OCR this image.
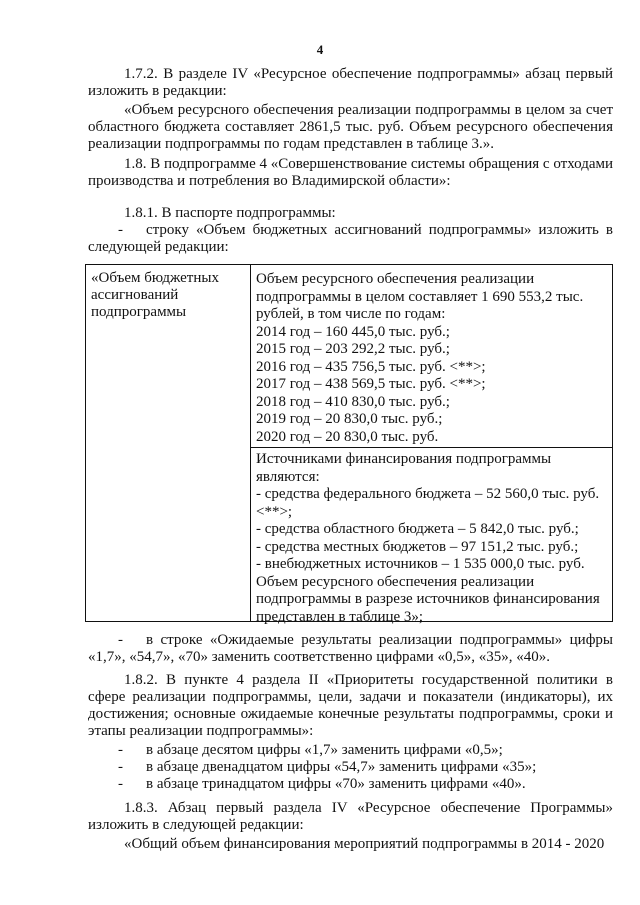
4

1.7.2. В разделе IV «Ресурсное обеспечение подпрограммы» абзац первый изложить в редакции:

«Объем ресурсного обеспечения реализации подпрограммы в целом за счет областного бюджета составляет 2861,5 тыс. руб. Объем ресурсного обеспечения реализации подпрограммы по годам представлен в таблице 3.».

1.8. В подпрограмме 4 «Совершенствование системы обращения с отходами производства и потребления во Владимирской области»:

1.8.1. В паспорте подпрограммы:

- строку «Объем бюджетных ассигнований подпрограммы» изложить в
следующей редакции:
«Объем бюджетных
ассигнований
подпрограммы
Объем ресурсного обеспечения реализации
подпрограммы в целом составляет 1 690 553,2 тыс.
рублей, в том числе по годам:
2014 год – 160 445,0 тыс. руб.;
2015 год – 203 292,2 тыс. руб.;
2016 год – 435 756,5 тыс. руб. <**>;
2017 год – 438 569,5 тыс. руб. <**>;
2018 год – 410 830,0 тыс. руб.;
2019 год – 20 830,0 тыс. руб.;
2020 год – 20 830,0 тыс. руб.
Источниками финансирования подпрограммы
являются:
- средства федерального бюджета – 52 560,0 тыс. руб.
<**>;
- средства областного бюджета – 5 842,0 тыс. руб.;
- средства местных бюджетов – 97 151,2 тыс. руб.;
- внебюджетных источников – 1 535 000,0 тыс. руб.
Объем ресурсного обеспечения реализации
подпрограммы в разрезе источников финансирования
представлен в таблице 3»;
-	в строке «Ожидаемые результаты реализации подпрограммы» цифры «1,7», «54,7», «70» заменить соответственно цифрами «0,5», «35», «40».

1.8.2. В пункте 4 раздела II «Приоритеты государственной политики в сфере реализации подпрограммы, цели, задачи и показатели (индикаторы), их достижения; основные ожидаемые конечные результаты подпрограммы, сроки и этапы реализации подпрограммы»:

- в абзаце десятом цифры «1,7» заменить цифрами «0,5»;
- в абзаце двенадцатом цифры «54,7» заменить цифрами «35»;
- в абзаце тринадцатом цифры «70» заменить цифрами «40».

1.8.3. Абзац первый раздела IV «Ресурсное обеспечение Программы» изложить в следующей редакции:

«Общий объем финансирования мероприятий подпрограммы в 2014 - 2020
